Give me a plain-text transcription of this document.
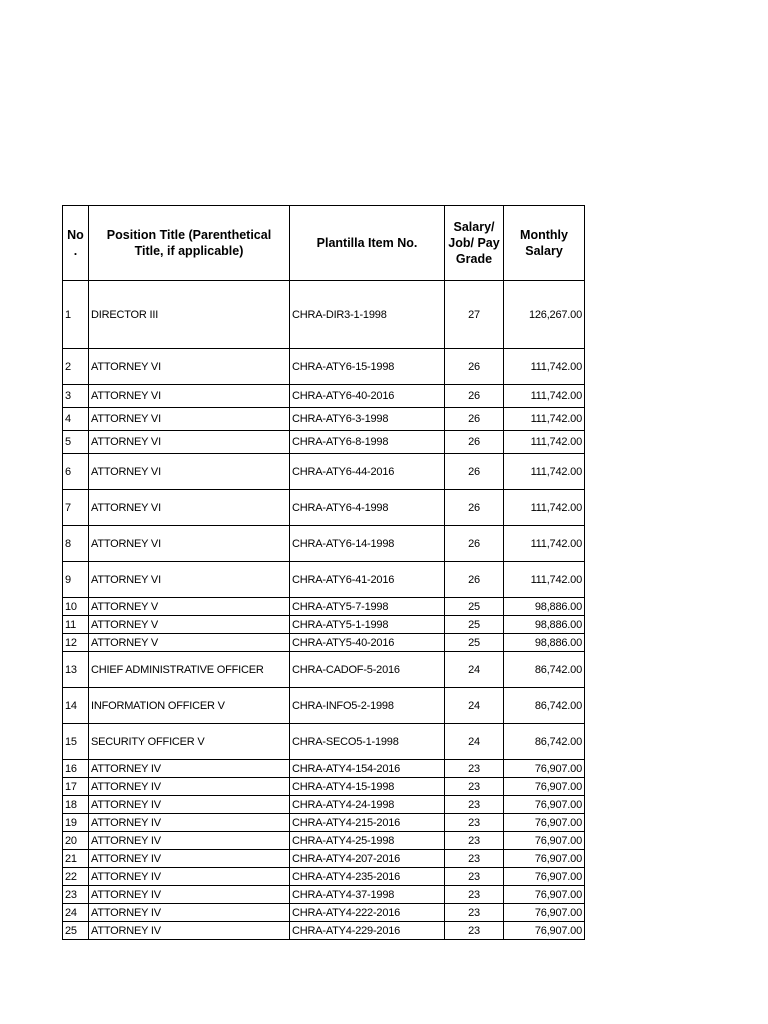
No .	Position Title (Parenthetical Title, if applicable)	Plantilla Item No.	Salary/ Job/ Pay Grade	Monthly Salary
1	DIRECTOR III	CHRA-DIR3-1-1998	27	126,267.00
2	ATTORNEY VI	CHRA-ATY6-15-1998	26	111,742.00
3	ATTORNEY VI	CHRA-ATY6-40-2016	26	111,742.00
4	ATTORNEY VI	CHRA-ATY6-3-1998	26	111,742.00
5	ATTORNEY VI	CHRA-ATY6-8-1998	26	111,742.00
6	ATTORNEY VI	CHRA-ATY6-44-2016	26	111,742.00
7	ATTORNEY VI	CHRA-ATY6-4-1998	26	111,742.00
8	ATTORNEY VI	CHRA-ATY6-14-1998	26	111,742.00
9	ATTORNEY VI	CHRA-ATY6-41-2016	26	111,742.00
10	ATTORNEY V	CHRA-ATY5-7-1998	25	98,886.00
11	ATTORNEY V	CHRA-ATY5-1-1998	25	98,886.00
12	ATTORNEY V	CHRA-ATY5-40-2016	25	98,886.00
13	CHIEF ADMINISTRATIVE OFFICER	CHRA-CADOF-5-2016	24	86,742.00
14	INFORMATION OFFICER V	CHRA-INFO5-2-1998	24	86,742.00
15	SECURITY OFFICER V	CHRA-SECO5-1-1998	24	86,742.00
16	ATTORNEY IV	CHRA-ATY4-154-2016	23	76,907.00
17	ATTORNEY IV	CHRA-ATY4-15-1998	23	76,907.00
18	ATTORNEY IV	CHRA-ATY4-24-1998	23	76,907.00
19	ATTORNEY IV	CHRA-ATY4-215-2016	23	76,907.00
20	ATTORNEY IV	CHRA-ATY4-25-1998	23	76,907.00
21	ATTORNEY IV	CHRA-ATY4-207-2016	23	76,907.00
22	ATTORNEY IV	CHRA-ATY4-235-2016	23	76,907.00
23	ATTORNEY IV	CHRA-ATY4-37-1998	23	76,907.00
24	ATTORNEY IV	CHRA-ATY4-222-2016	23	76,907.00
25	ATTORNEY IV	CHRA-ATY4-229-2016	23	76,907.00
